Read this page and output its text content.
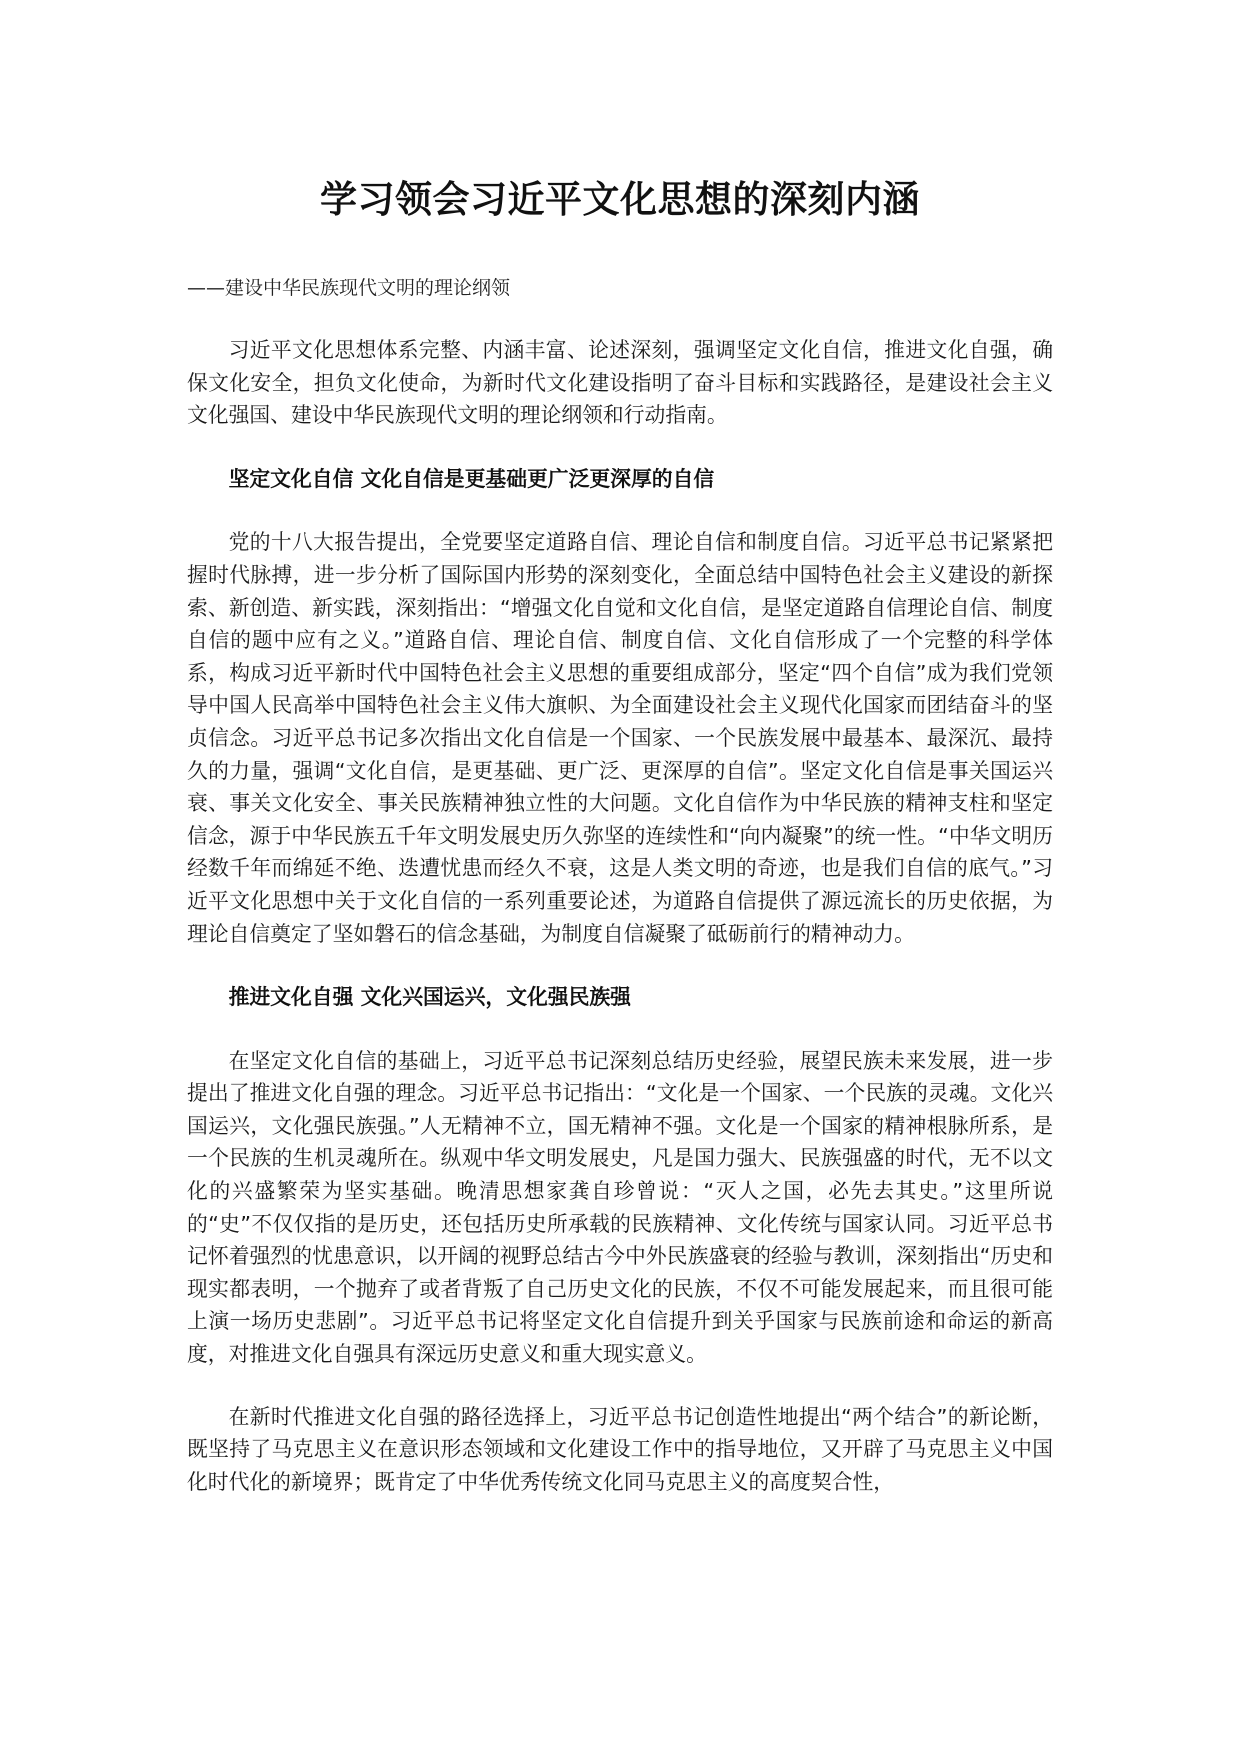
学习领会习近平文化思想的深刻内涵

——建设中华民族现代文明的理论纲领

习近平文化思想体系完整、内涵丰富、论述深刻，强调坚定文化自信，推进文化自强，确保文化安全，担负文化使命，为新时代文化建设指明了奋斗目标和实践路径，是建设社会主义文化强国、建设中华民族现代文明的理论纲领和行动指南。

坚定文化自信 文化自信是更基础更广泛更深厚的自信

党的十八大报告提出，全党要坚定道路自信、理论自信和制度自信。习近平总书记紧紧把握时代脉搏，进一步分析了国际国内形势的深刻变化，全面总结中国特色社会主义建设的新探索、新创造、新实践，深刻指出：“增强文化自觉和文化自信，是坚定道路自信理论自信、制度自信的题中应有之义。”道路自信、理论自信、制度自信、文化自信形成了一个完整的科学体系，构成习近平新时代中国特色社会主义思想的重要组成部分，坚定“四个自信”成为我们党领导中国人民高举中国特色社会主义伟大旗帜、为全面建设社会主义现代化国家而团结奋斗的坚贞信念。习近平总书记多次指出文化自信是一个国家、一个民族发展中最基本、最深沉、最持久的力量，强调“文化自信，是更基础、更广泛、更深厚的自信”。坚定文化自信是事关国运兴衰、事关文化安全、事关民族精神独立性的大问题。文化自信作为中华民族的精神支柱和坚定信念，源于中华民族五千年文明发展史历久弥坚的连续性和“向内凝聚”的统一性。“中华文明历经数千年而绵延不绝、迭遭忧患而经久不衰，这是人类文明的奇迹，也是我们自信的底气。”习近平文化思想中关于文化自信的一系列重要论述，为道路自信提供了源远流长的历史依据，为理论自信奠定了坚如磐石的信念基础，为制度自信凝聚了砥砺前行的精神动力。

推进文化自强 文化兴国运兴，文化强民族强

在坚定文化自信的基础上，习近平总书记深刻总结历史经验，展望民族未来发展，进一步提出了推进文化自强的理念。习近平总书记指出：“文化是一个国家、一个民族的灵魂。文化兴国运兴，文化强民族强。”人无精神不立，国无精神不强。文化是一个国家的精神根脉所系，是一个民族的生机灵魂所在。纵观中华文明发展史，凡是国力强大、民族强盛的时代，无不以文化的兴盛繁荣为坚实基础。晚清思想家龚自珍曾说：“灭人之国，必先去其史。”这里所说的“史”不仅仅指的是历史，还包括历史所承载的民族精神、文化传统与国家认同。习近平总书记怀着强烈的忧患意识，以开阔的视野总结古今中外民族盛衰的经验与教训，深刻指出“历史和现实都表明，一个抛弃了或者背叛了自己历史文化的民族，不仅不可能发展起来，而且很可能上演一场历史悲剧”。习近平总书记将坚定文化自信提升到关乎国家与民族前途和命运的新高度，对推进文化自强具有深远历史意义和重大现实意义。

在新时代推进文化自强的路径选择上，习近平总书记创造性地提出“两个结合”的新论断，既坚持了马克思主义在意识形态领域和文化建设工作中的指导地位，又开辟了马克思主义中国化时代化的新境界；既肯定了中华优秀传统文化同马克思主义的高度契合性，
